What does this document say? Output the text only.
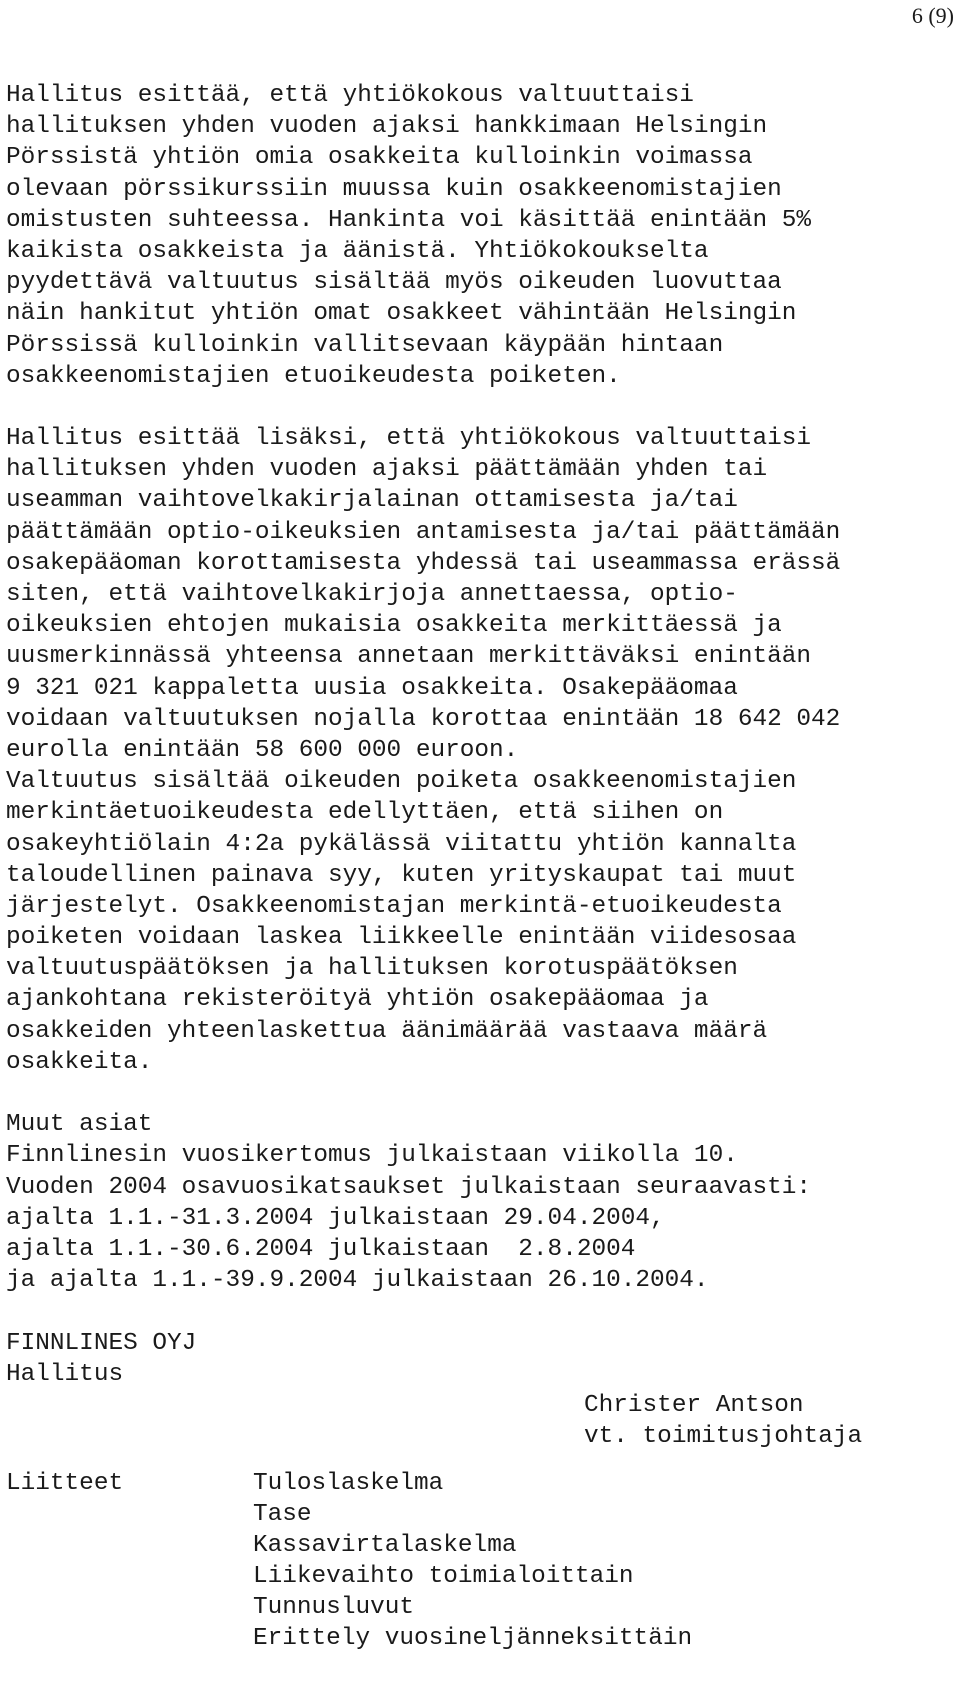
6 (9)
Hallitus esittää, että yhtiökokous valtuuttaisi
hallituksen yhden vuoden ajaksi hankkimaan Helsingin
Pörssistä yhtiön omia osakkeita kulloinkin voimassa
olevaan pörssikurssiin muussa kuin osakkeenomistajien
omistusten suhteessa. Hankinta voi käsittää enintään 5%
kaikista osakkeista ja äänistä. Yhtiökokoukselta
pyydettävä valtuutus sisältää myös oikeuden luovuttaa
näin hankitut yhtiön omat osakkeet vähintään Helsingin
Pörssissä kulloinkin vallitsevaan käypään hintaan
osakkeenomistajien etuoikeudesta poiketen.
Hallitus esittää lisäksi, että yhtiökokous valtuuttaisi
hallituksen yhden vuoden ajaksi päättämään yhden tai
useamman vaihtovelkakirjalainan ottamisesta ja/tai
päättämään optio-oikeuksien antamisesta ja/tai päättämään
osakepääoman korottamisesta yhdessä tai useammassa erässä
siten, että vaihtovelkakirjoja annettaessa, optio-
oikeuksien ehtojen mukaisia osakkeita merkittäessä ja
uusmerkinnässä yhteensa annetaan merkittäväksi enintään
9 321 021 kappaletta uusia osakkeita. Osakepääomaa
voidaan valtuutuksen nojalla korottaa enintään 18 642 042
eurolla enintään 58 600 000 euroon.
Valtuutus sisältää oikeuden poiketa osakkeenomistajien
merkintäetuoikeudesta edellyttäen, että siihen on
osakeyhtiölain 4:2a pykälässä viitattu yhtiön kannalta
taloudellinen painava syy, kuten yrityskaupat tai muut
järjestelyt. Osakkeenomistajan merkintä-etuoikeudesta
poiketen voidaan laskea liikkeelle enintään viidesosaa
valtuutuspäätöksen ja hallituksen korotuspäätöksen
ajankohtana rekisteröityä yhtiön osakepääomaa ja
osakkeiden yhteenlaskettua äänimäärää vastaava määrä
osakkeita.
Muut asiat
Finnlinesin vuosikertomus julkaistaan viikolla 10.
Vuoden 2004 osavuosikatsaukset julkaistaan seuraavasti:
ajalta 1.1.-31.3.2004 julkaistaan 29.04.2004,
ajalta 1.1.-30.6.2004 julkaistaan  2.8.2004
ja ajalta 1.1.-39.9.2004 julkaistaan 26.10.2004.
FINNLINES OYJ
Hallitus
Christer Antson
vt. toimitusjohtaja
Liitteet	Tuloslaskelma
Tase
Kassavirtalaskelma
Liikevaihto toimialoittain
Tunnusluvut
Erittely vuosineljänneksittäin
